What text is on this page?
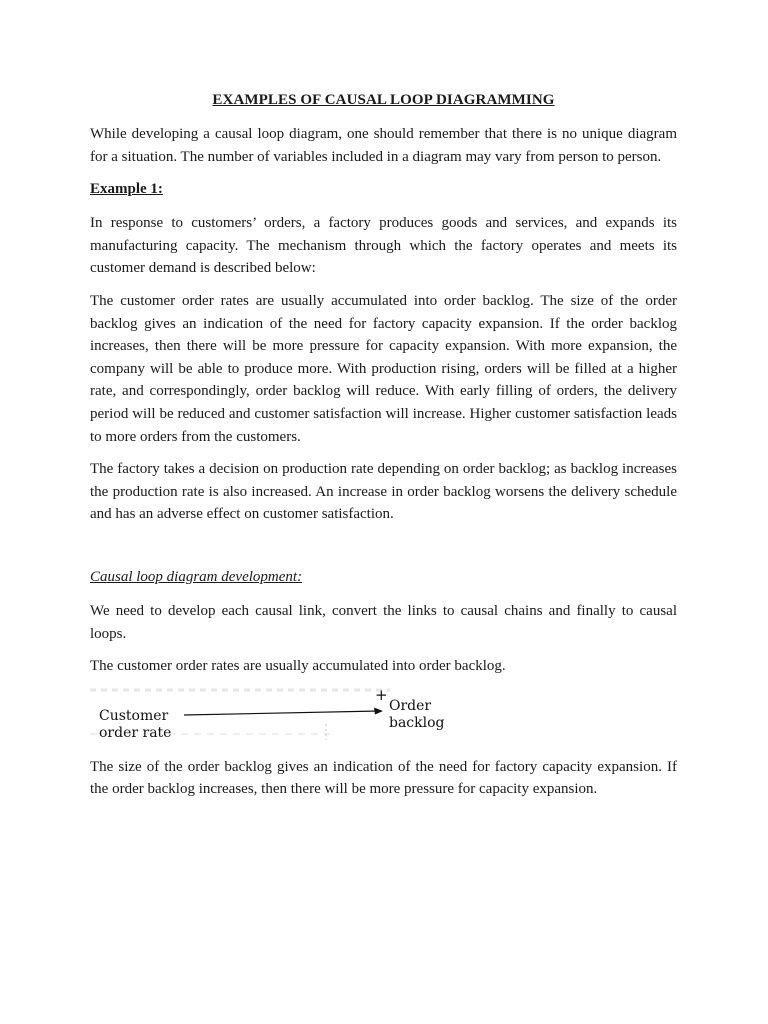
EXAMPLES OF CAUSAL LOOP DIAGRAMMING

While developing a causal loop diagram, one should remember that there is no unique diagram for a situation. The number of variables included in a diagram may vary from person to person.

Example 1:

In response to customers’ orders, a factory produces goods and services, and expands its manufacturing capacity. The mechanism through which the factory operates and meets its customer demand is described below:

The customer order rates are usually accumulated into order backlog. The size of the order backlog gives an indication of the need for factory capacity expansion. If the order backlog increases, then there will be more pressure for capacity expansion. With more expansion, the company will be able to produce more. With production rising, orders will be filled at a higher rate, and correspondingly, order backlog will reduce. With early filling of orders, the delivery period will be reduced and customer satisfaction will increase. Higher customer satisfaction leads to more orders from the customers.

The factory takes a decision on production rate depending on order backlog; as backlog increases the production rate is also increased. An increase in order backlog worsens the delivery schedule and has an adverse effect on customer satisfaction.

Causal loop diagram development:

We need to develop each causal link, convert the links to causal chains and finally to causal loops.

The customer order rates are usually accumulated into order backlog.

+
Customer
order rate
Order
backlog

The size of the order backlog gives an indication of the need for factory capacity expansion. If the order backlog increases, then there will be more pressure for capacity expansion.
